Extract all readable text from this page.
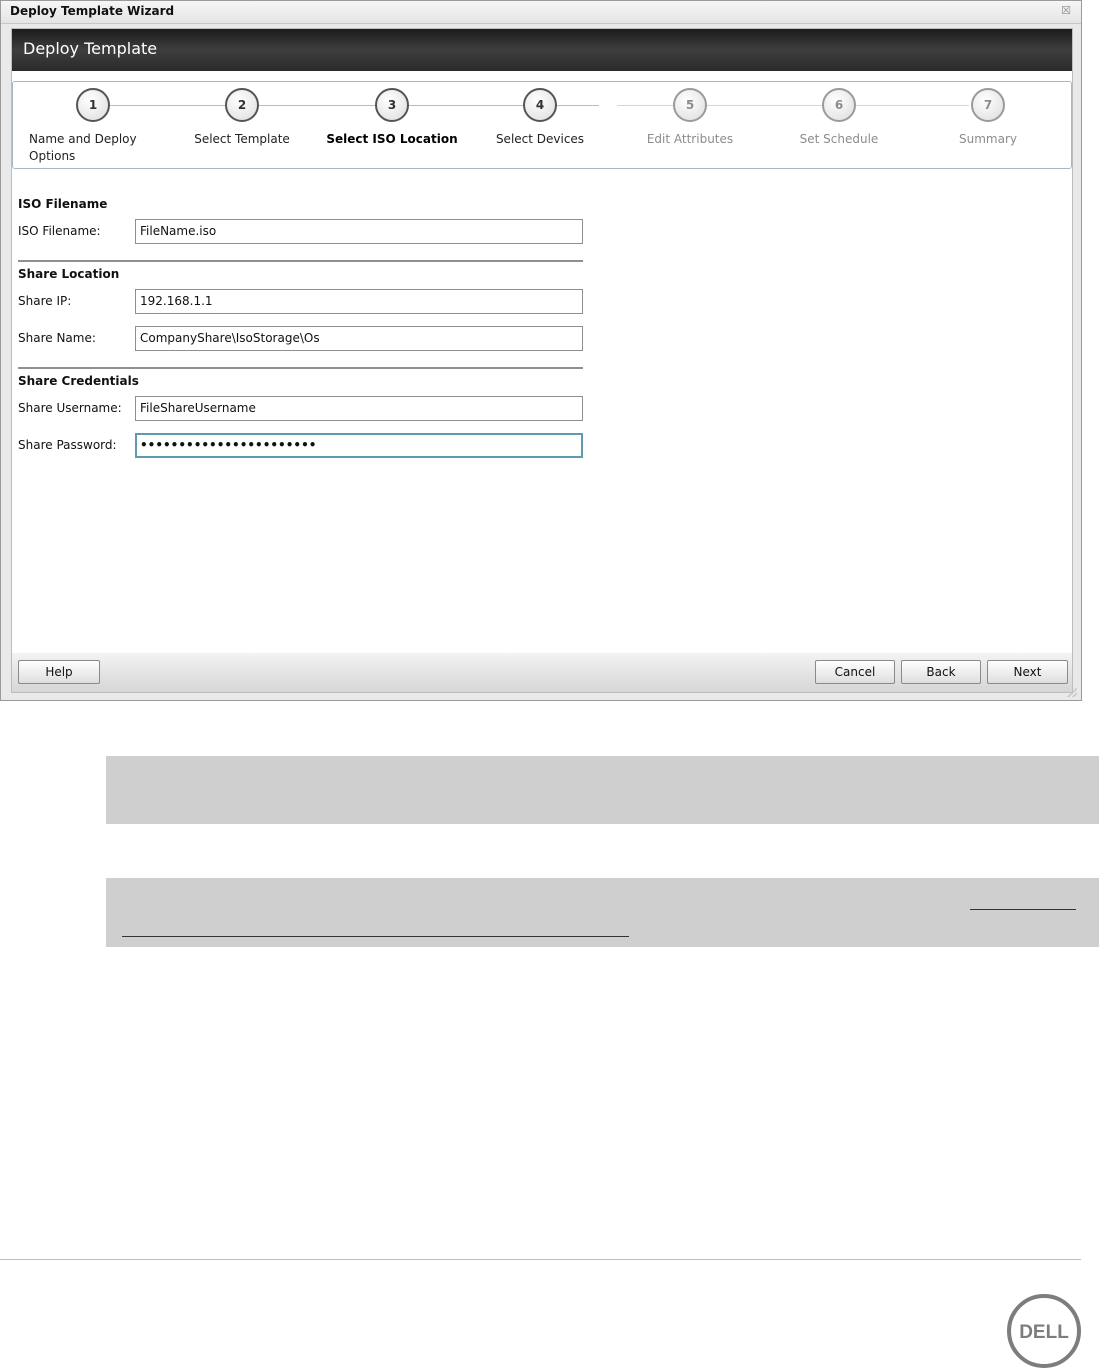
Deploy Template Wizard	☒
Deploy Template
1
Name and Deploy Options
2
Select Template
3
Select ISO Location
4
Select Devices
5
Edit Attributes
6
Set Schedule
7
Summary
ISO Filename
ISO Filename:	FileName.iso
Share Location
Share IP:	192.168.1.1
Share Name:	CompanyShare\IsoStorage\Os
Share Credentials
Share Username:	FileShareUsername
Share Password:	•••••••••••••••••••••••
Help	Cancel	Back	Next
DELL
